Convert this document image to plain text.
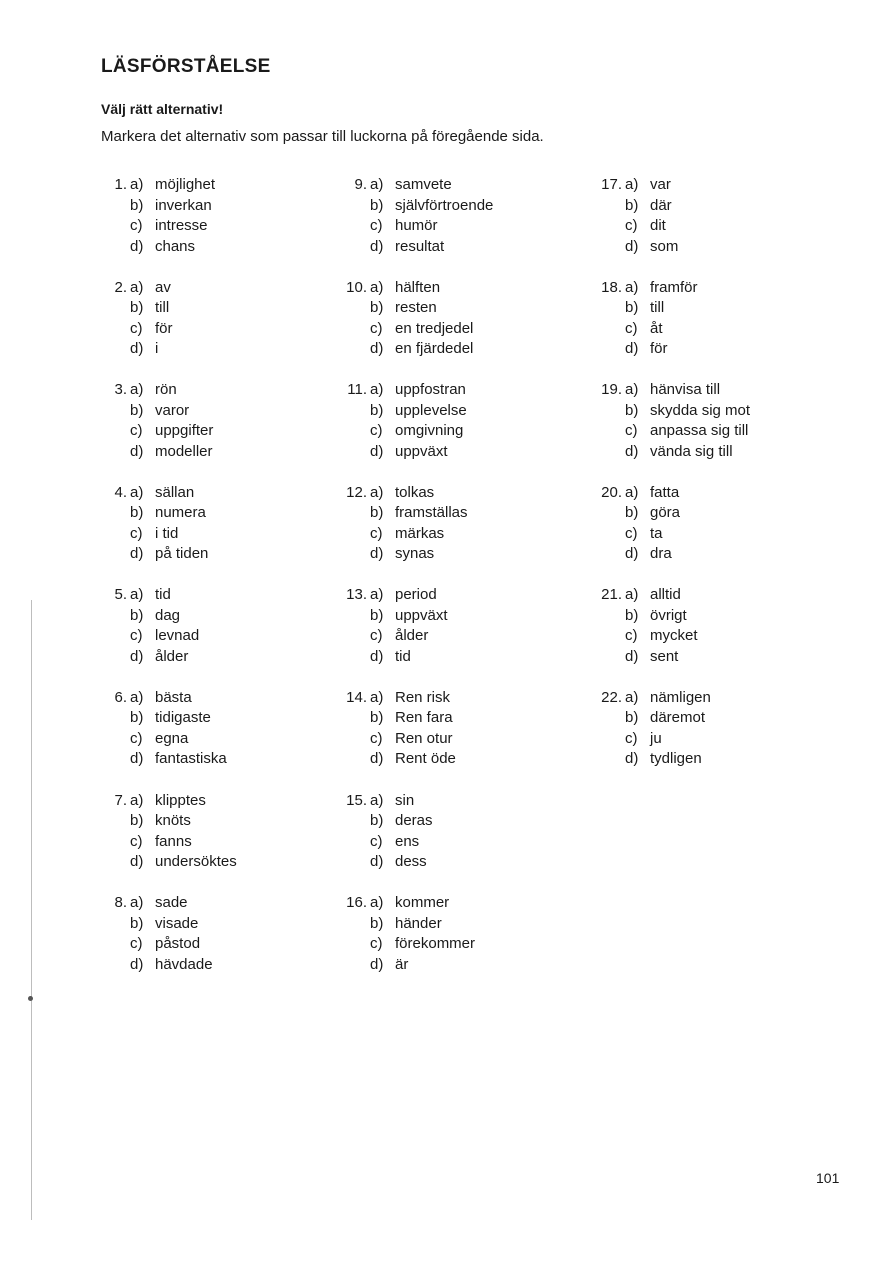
LÄSFÖRSTÅELSE

Välj rätt alternativ!

Markera det alternativ som passar till luckorna på föregående sida.

1. a) möjlighet
b) inverkan
c) intresse
d) chans
2. a) av
b) till
c) för
d) i
3. a) rön
b) varor
c) uppgifter
d) modeller
4. a) sällan
b) numera
c) i tid
d) på tiden
5. a) tid
b) dag
c) levnad
d) ålder
6. a) bästa
b) tidigaste
c) egna
d) fantastiska
7. a) klipptes
b) knöts
c) fanns
d) undersöktes
8. a) sade
b) visade
c) påstod
d) hävdade
9. a) samvete
b) självförtroende
c) humör
d) resultat
10. a) hälften
b) resten
c) en tredjedel
d) en fjärdedel
11. a) uppfostran
b) upplevelse
c) omgivning
d) uppväxt
12. a) tolkas
b) framställas
c) märkas
d) synas
13. a) period
b) uppväxt
c) ålder
d) tid
14. a) Ren risk
b) Ren fara
c) Ren otur
d) Rent öde
15. a) sin
b) deras
c) ens
d) dess
16. a) kommer
b) händer
c) förekommer
d) är
17. a) var
b) där
c) dit
d) som
18. a) framför
b) till
c) åt
d) för
19. a) hänvisa till
b) skydda sig mot
c) anpassa sig till
d) vända sig till
20. a) fatta
b) göra
c) ta
d) dra
21. a) alltid
b) övrigt
c) mycket
d) sent
22. a) nämligen
b) däremot
c) ju
d) tydligen

101
